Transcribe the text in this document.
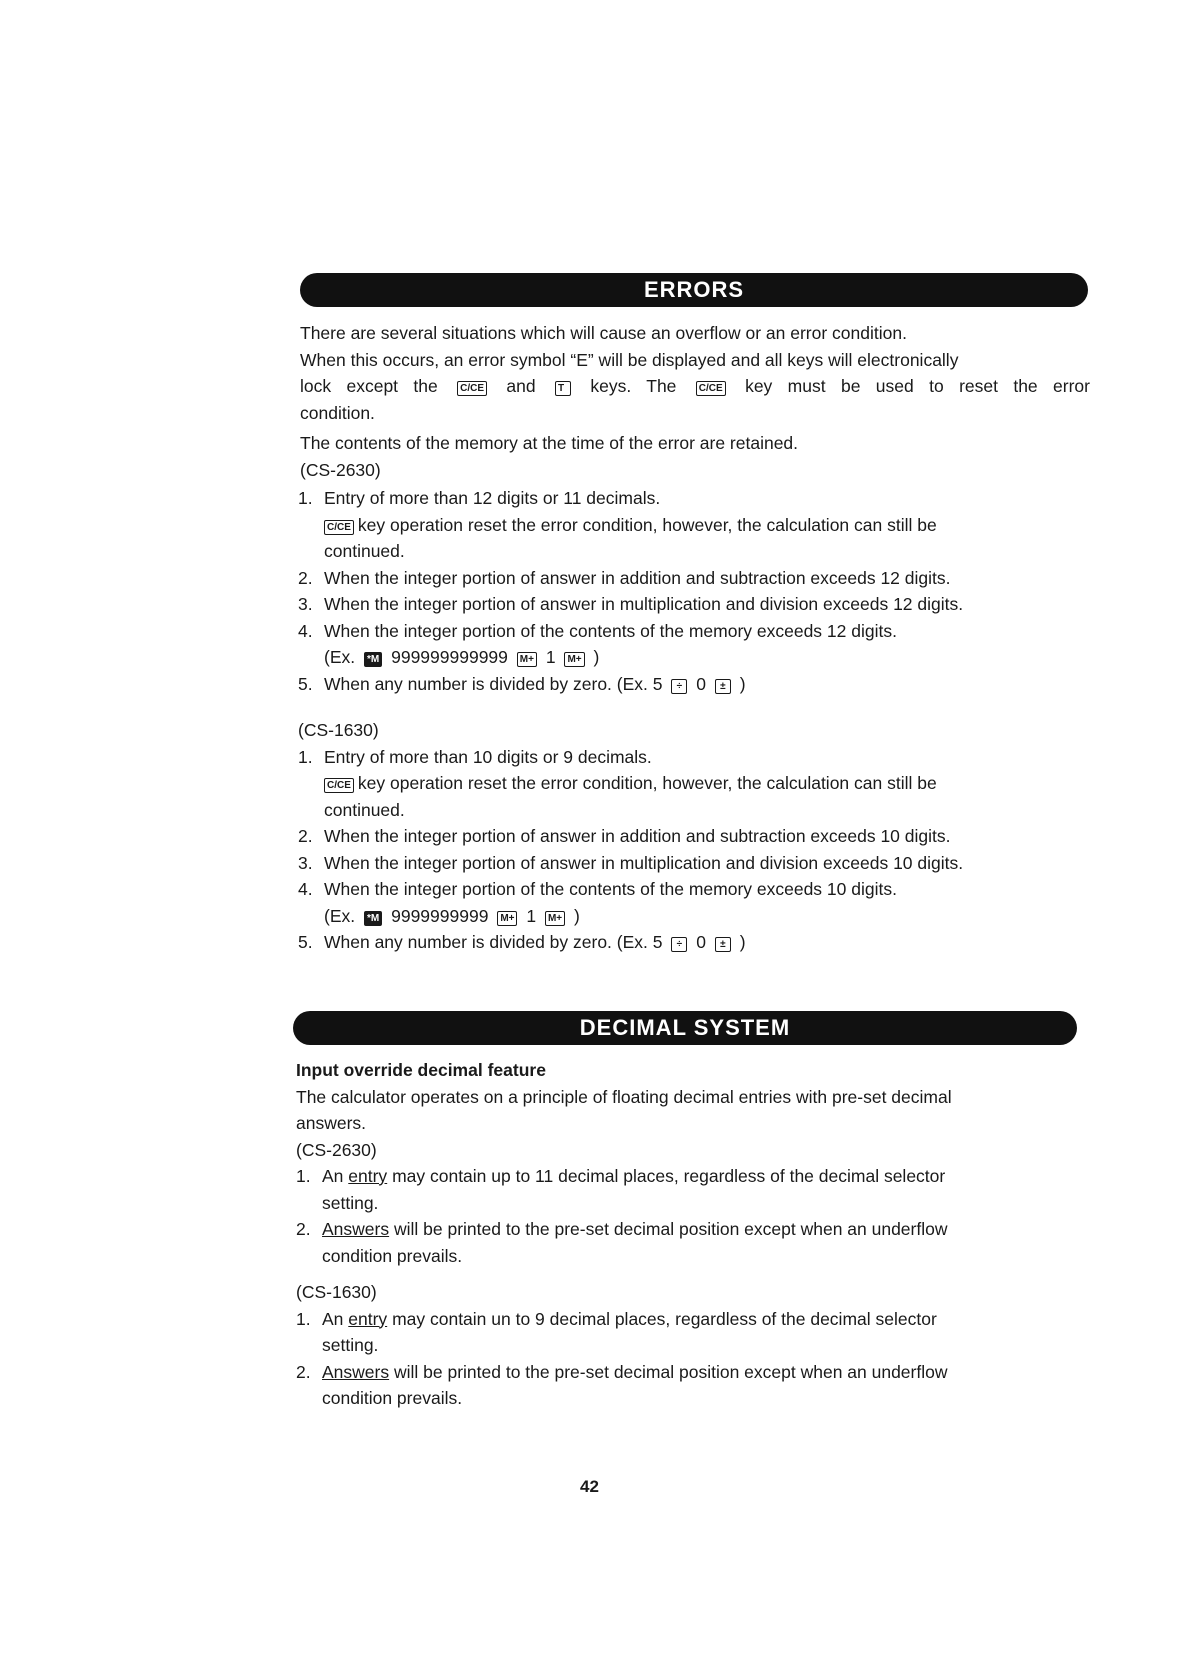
ERRORS
There are several situations which will cause an overflow or an error condition.
When this occurs, an error symbol “E” will be displayed and all keys will electronically
lock except the C/CE and T keys. The C/CE key must be used to reset the error
condition.
The contents of the memory at the time of the error are retained.
(CS-2630)
1. Entry of more than 12 digits or 11 decimals.
C/CE key operation reset the error condition, however, the calculation can still be
continued.
2. When the integer portion of answer in addition and subtraction exceeds 12 digits.
3. When the integer portion of answer in multiplication and division exceeds 12 digits.
4. When the integer portion of the contents of the memory exceeds 12 digits.
(Ex. *M 999999999999 M+ 1 M+ )
5. When any number is divided by zero. (Ex. 5 ÷ 0 ± )
(CS-1630)
1. Entry of more than 10 digits or 9 decimals.
C/CE key operation reset the error condition, however, the calculation can still be
continued.
2. When the integer portion of answer in addition and subtraction exceeds 10 digits.
3. When the integer portion of answer in multiplication and division exceeds 10 digits.
4. When the integer portion of the contents of the memory exceeds 10 digits.
(Ex. *M 9999999999 M+ 1 M+ )
5. When any number is divided by zero. (Ex. 5 ÷ 0 ± )
DECIMAL SYSTEM
Input override decimal feature
The calculator operates on a principle of floating decimal entries with pre-set decimal
answers.
(CS-2630)
1. An entry may contain up to 11 decimal places, regardless of the decimal selector
setting.
2. Answers will be printed to the pre-set decimal position except when an underflow
condition prevails.
(CS-1630)
1. An entry may contain un to 9 decimal places, regardless of the decimal selector
setting.
2. Answers will be printed to the pre-set decimal position except when an underflow
condition prevails.
42
